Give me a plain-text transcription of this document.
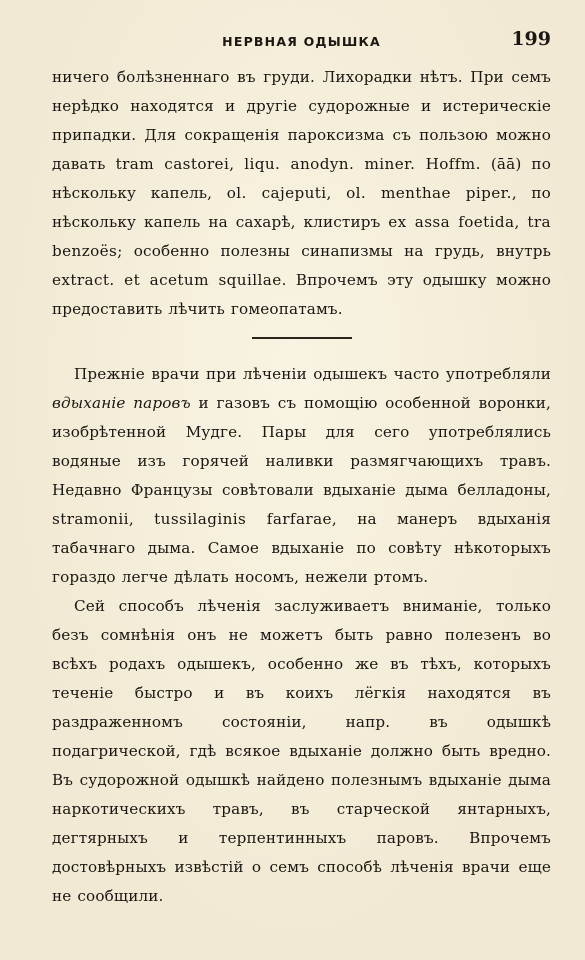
НЕРВНАЯ ОДЫШКА	199

ничего болѣзненнаго въ груди. Лихорадки нѣтъ. При семъ нерѣдко находятся и другіе судорожные и истерическіе припадки. Для сокращенія пароксизма съ пользою можно давать tram castorei, liqu. anodyn. miner. Hoffm. (āā) по нѣскольку капель, ol. cajeputi, ol. menthae piper., по нѣскольку капель на сахарѣ, клистиръ ex assa foetida, tra benzoës; особенно полезны синапизмы на грудь, внутрь extract. et acetum squillae. Впрочемъ эту одышку можно предоставить лѣчить гомеопатамъ.

Прежніе врачи при лѣченіи одышекъ часто употребляли вдыханіе паровъ и газовъ съ помощію особенной воронки, изобрѣтенной Мудге. Пары для сего употреблялись водяные изъ горячей наливки размягчающихъ травъ. Недавно Французы совѣтовали вдыханіе дыма белладоны, stramonii, tussilaginis farfarae, на манеръ вдыханія табачнаго дыма. Самое вдыханіе по совѣту нѣкоторыхъ гораздо легче дѣлать носомъ, нежели ртомъ.

Сей способъ лѣченія заслуживаетъ вниманіе, только безъ сомнѣнія онъ не можетъ быть равно полезенъ во всѣхъ родахъ одышекъ, особенно же въ тѣхъ, которыхъ теченіе быстро и въ коихъ лёгкія находятся въ раздраженномъ состояніи, напр. въ одышкѣ подагрической, гдѣ всякое вдыханіе должно быть вредно. Въ судорожной одышкѣ найдено полезнымъ вдыханіе дыма наркотическихъ травъ, въ старческой янтарныхъ, дегтярныхъ и терпентинныхъ паровъ. Впрочемъ достовѣрныхъ извѣстій о семъ способѣ лѣченія врачи еще не сообщили.
